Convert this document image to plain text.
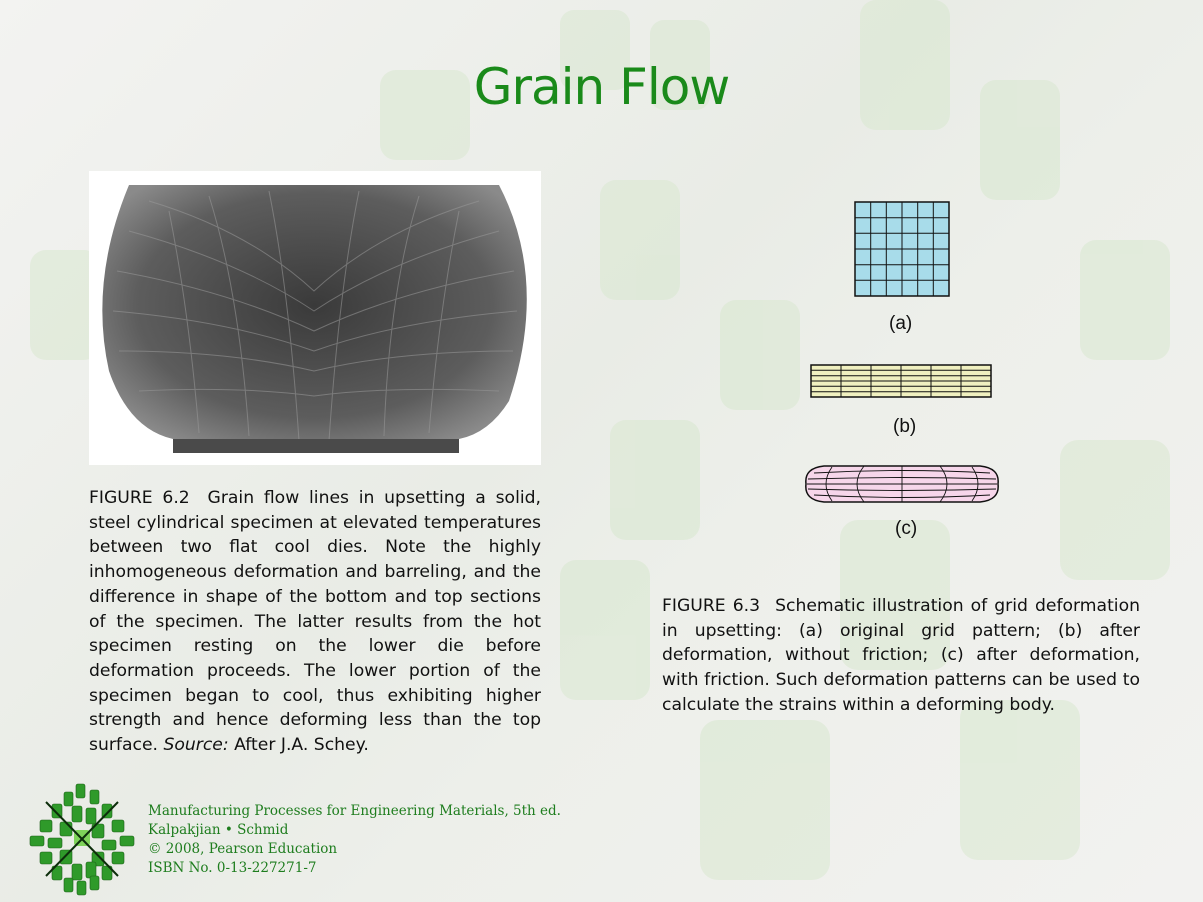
Grain Flow
FIGURE 6.2 Grain flow lines in upsetting a solid, steel cylindrical specimen at elevated temperatures between two flat cool dies. Note the highly inhomogeneous deformation and barreling, and the difference in shape of the bottom and top sections of the specimen. The latter results from the hot specimen resting on the lower die before deformation proceeds. The lower portion of the specimen began to cool, thus exhibiting higher strength and hence deforming less than the top surface. Source: After J.A. Schey.
(a)
(b)
(c)
FIGURE 6.3 Schematic illustration of grid deformation in upsetting: (a) original grid pattern; (b) after deformation, without friction; (c) after deformation, with friction. Such deformation patterns can be used to calculate the strains within a deforming body.
Manufacturing Processes for Engineering Materials, 5th ed.
Kalpakjian • Schmid
© 2008, Pearson Education
ISBN No. 0-13-227271-7
